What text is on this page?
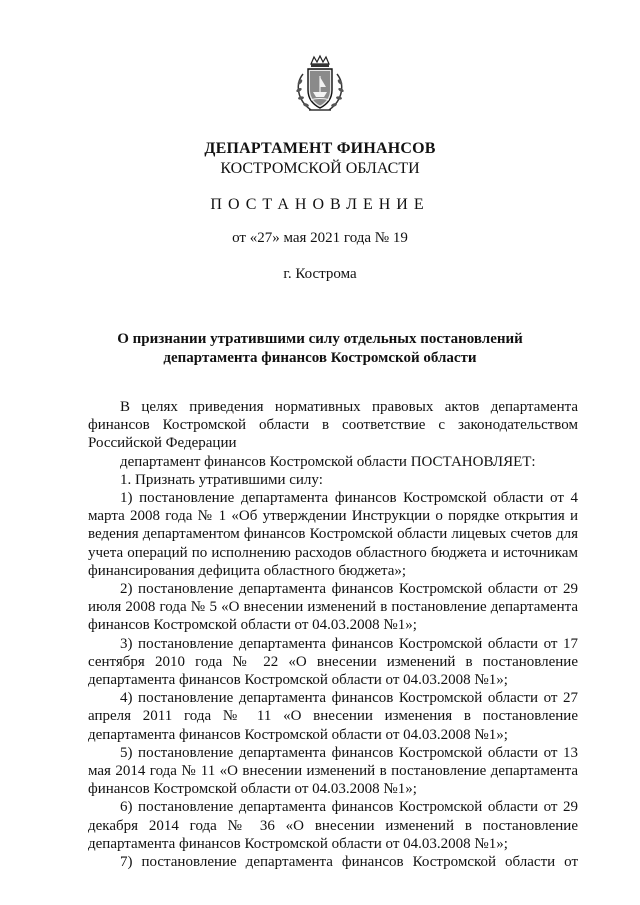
ДЕПАРТАМЕНТ ФИНАНСОВ
КОСТРОМСКОЙ ОБЛАСТИ
ПОСТАНОВЛЕНИЕ
от «27» мая 2021 года № 19
г. Кострома
О признании утратившими силу отдельных постановлений
департамента финансов Костромской области

В целях приведения нормативных правовых актов департамента финансов Костромской области в соответствие с законодательством Российской Федерации

департамент финансов Костромской области ПОСТАНОВЛЯЕТ:

1. Признать утратившими силу:

1) постановление департамента финансов Костромской области от 4 марта 2008 года № 1 «Об утверждении Инструкции о порядке открытия и ведения департаментом финансов Костромской области лицевых счетов для учета операций по исполнению расходов областного бюджета и источникам финансирования дефицита областного бюджета»;

2) постановление департамента финансов Костромской области от 29 июля 2008 года № 5 «О внесении изменений в постановление департамента финансов Костромской области от 04.03.2008 №1»;

3) постановление департамента финансов Костромской области от 17 сентября 2010 года № 22 «О внесении изменений в постановление департамента финансов Костромской области от 04.03.2008 №1»;

4) постановление департамента финансов Костромской области от 27 апреля 2011 года № 11 «О внесении изменения в постановление департамента финансов Костромской области от 04.03.2008 №1»;

5) постановление департамента финансов Костромской области от 13 мая 2014 года № 11 «О внесении изменений в постановление департамента финансов Костромской области от 04.03.2008 №1»;

6) постановление департамента финансов Костромской области от 29 декабря 2014 года № 36 «О внесении изменений в постановление департамента финансов Костромской области от 04.03.2008 №1»;

7) постановление департамента финансов Костромской области от
